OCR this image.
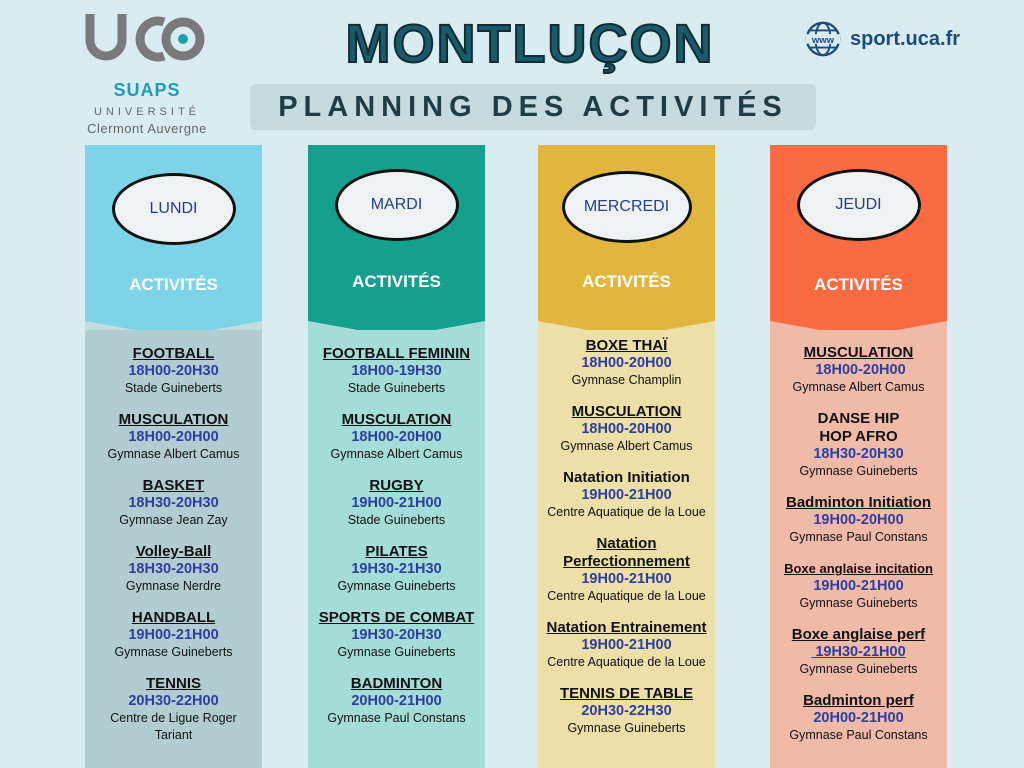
SUAPS
UNIVERSITÉ
Clermont Auvergne
MONTLUÇON
PLANNING DES ACTIVITÉS
www sport.uca.fr
LUNDI
ACTIVITÉS
FOOTBALL
18H00-20H30
Stade Guineberts
MUSCULATION
18H00-20H00
Gymnase Albert Camus
BASKET
18H30-20H30
Gymnase Jean Zay
Volley-Ball
18H30-20H30
Gymnase Nerdre
HANDBALL
19H00-21H00
Gymnase Guineberts
TENNIS
20H30-22H00
Centre de Ligue Roger Tariant
MARDI
ACTIVITÉS
FOOTBALL FEMININ
18H00-19H30
Stade Guineberts
MUSCULATION
18H00-20H00
Gymnase Albert Camus
RUGBY
19H00-21H00
Stade Guineberts
PILATES
19H30-21H30
Gymnase Guineberts
SPORTS DE COMBAT
19H30-20H30
Gymnase Guineberts
BADMINTON
20H00-21H00
Gymnase Paul Constans
MERCREDI
ACTIVITÉS
BOXE THAÏ
18H00-20H00
Gymnase Champlin
MUSCULATION
18H00-20H00
Gymnase Albert Camus
Natation Initiation
19H00-21H00
Centre Aquatique de la Loue
Natation Perfectionnement
19H00-21H00
Centre Aquatique de la Loue
Natation Entrainement
19H00-21H00
Centre Aquatique de la Loue
TENNIS DE TABLE
20H30-22H30
Gymnase Guineberts
JEUDI
ACTIVITÉS
MUSCULATION
18H00-20H00
Gymnase Albert Camus
DANSE HIP HOP AFRO
18H30-20H30
Gymnase Guineberts
Badminton Initiation
19H00-20H00
Gymnase Paul Constans
Boxe anglaise incitation
19H00-21H00
Gymnase Guineberts
Boxe anglaise perf
19H30-21H00
Gymnase Guineberts
Badminton perf
20H00-21H00
Gymnase Paul Constans
